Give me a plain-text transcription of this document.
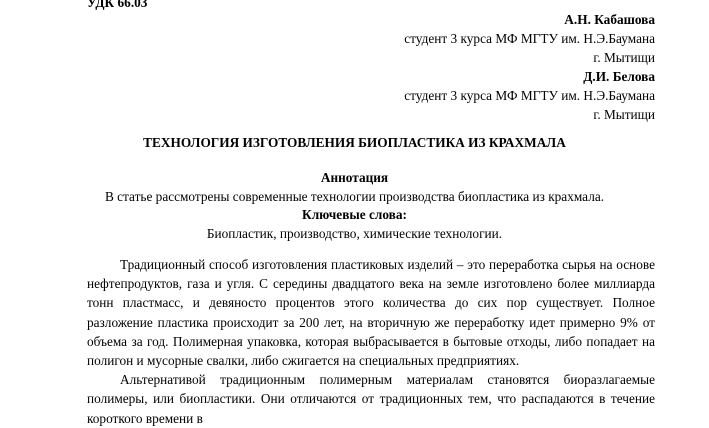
УДК 66.03
А.Н. Кабашова
студент 3 курса МФ МГТУ им. Н.Э.Баумана
г. Мытищи
Д.И. Белова
студент 3 курса МФ МГТУ им. Н.Э.Баумана
г. Мытищи
ТЕХНОЛОГИЯ ИЗГОТОВЛЕНИЯ БИОПЛАСТИКА ИЗ КРАХМАЛА
Аннотация
В статье рассмотрены современные технологии производства биопластика из крахмала.
Ключевые слова:
Биопластик, производство, химические технологии.

Традиционный способ изготовления пластиковых изделий – это переработка сырья на основе нефтепродуктов, газа и угля. С середины двадцатого века на земле изготовлено более миллиарда тонн пластмасс, и девяносто процентов этого количества до сих пор существует. Полное разложение пластика происходит за 200 лет, на вторичную же переработку идет примерно 9% от объема за год. Полимерная упаковка, которая выбрасывается в бытовые отходы, либо попадает на полигон и мусорные свалки, либо сжигается на специальных предприятиях.

Альтернативой традиционным полимерным материалам становятся биоразлагаемые полимеры, или биопластики. Они отличаются от традиционных тем, что распадаются в течение короткого времени в
